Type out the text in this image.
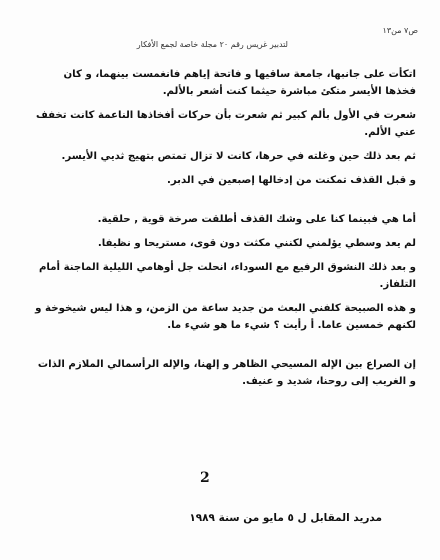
ص٧ من١٣
لتدبير غريس رقم ٢٠ مجلة خاصة لجمع الأفكار

اتكأت على جانبها، جامعة ساقيها و فاتحة إياهم فانغمست بينهما، و كان
فخذها الأيسر متكئ مباشرة حيثما كنت أشعر بالألم.

شعرت في الأول بألم كبير ثم شعرت بأن حركات أفخاذها الناعمة كانت تخفف
عني الألم.

ثم بعد ذلك حين وغلته في حرها، كانت لا تزال تمتص بتهيج ثديي الأيسر.

و قبل القذف تمكنت من إدخالها إصبعين في الدبر.

أما هي فبينما كنا على وشك القذف أطلقت صرخة قوية , حلقية.

لم يعد وسطي يؤلمني لكنني مكثت دون قوى، مستريحا و نظيفا.

و بعد ذلك النشوق الرفيع مع السوداء، انحلت جل أوهامي الليلية الماجنة أمام
التلفاز.

و هذه الصبيحة كلفني البعث من جديد ساعة من الزمن، و هذا ليس شيخوخة و
لكنهم خمسين عاما. أ رأيت ؟ شيء ما هو شيء ما.

إن الصراع بين الإله المسيحي الظاهر و إلهنا، والإله الرأسمالي الملازم الذات
و الغريب إلى روحنا، شديد و عنيف.

2
مدريد المقابل ل ٥ مايو من سنة ١٩٨٩
